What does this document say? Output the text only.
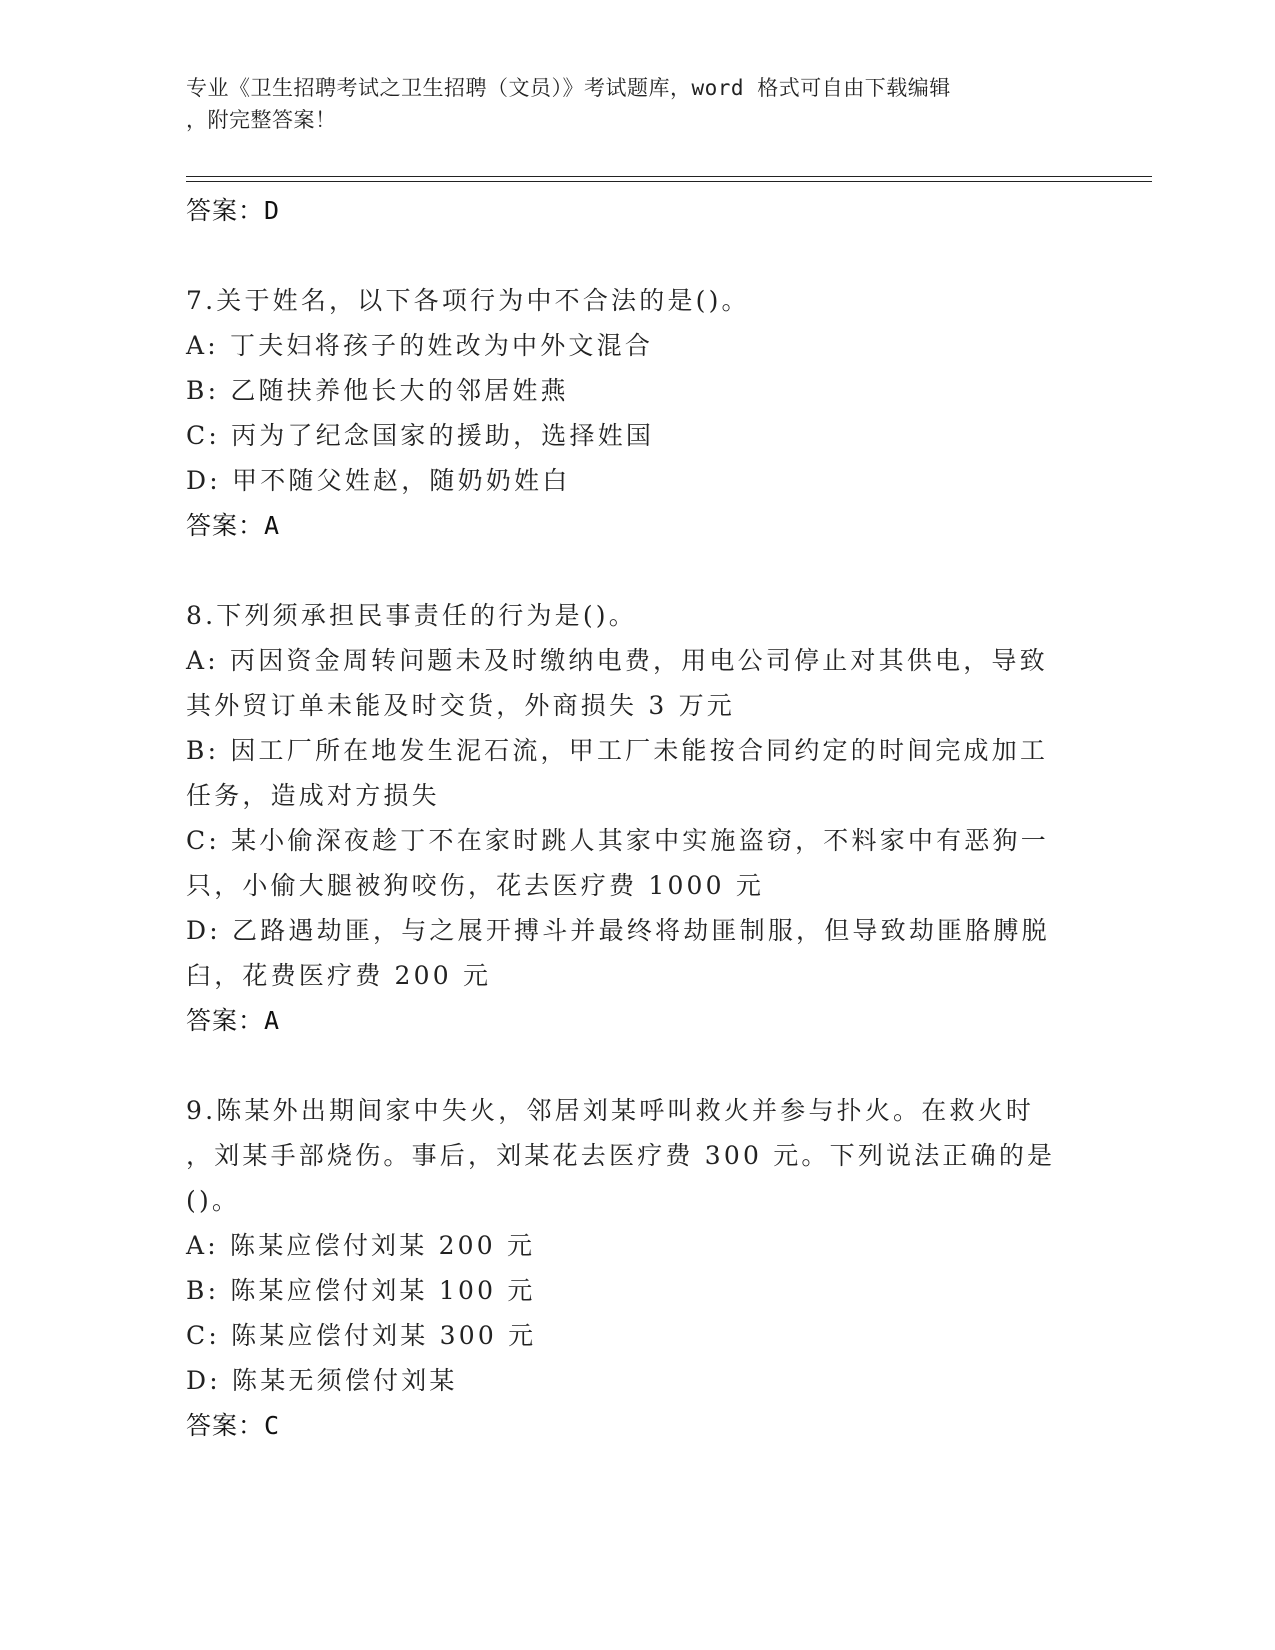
专业《卫生招聘考试之卫生招聘（文员）》考试题库，word 格式可自由下载编辑
，附完整答案！
答案：D
7.关于姓名，以下各项行为中不合法的是()。
A: 丁夫妇将孩子的姓改为中外文混合
B: 乙随扶养他长大的邻居姓燕
C: 丙为了纪念国家的援助，选择姓国
D: 甲不随父姓赵，随奶奶姓白
答案：A
8.下列须承担民事责任的行为是()。
A: 丙因资金周转问题未及时缴纳电费，用电公司停止对其供电，导致
其外贸订单未能及时交货，外商损失 3 万元
B: 因工厂所在地发生泥石流，甲工厂未能按合同约定的时间完成加工
任务，造成对方损失
C: 某小偷深夜趁丁不在家时跳人其家中实施盗窃，不料家中有恶狗一
只，小偷大腿被狗咬伤，花去医疗费 1000 元
D: 乙路遇劫匪，与之展开搏斗并最终将劫匪制服，但导致劫匪胳膊脱
臼，花费医疗费 200 元
答案：A
9.陈某外出期间家中失火，邻居刘某呼叫救火并参与扑火。在救火时
，刘某手部烧伤。事后，刘某花去医疗费 300 元。下列说法正确的是
()。
A: 陈某应偿付刘某 200 元
B: 陈某应偿付刘某 100 元
C: 陈某应偿付刘某 300 元
D: 陈某无须偿付刘某
答案：C
